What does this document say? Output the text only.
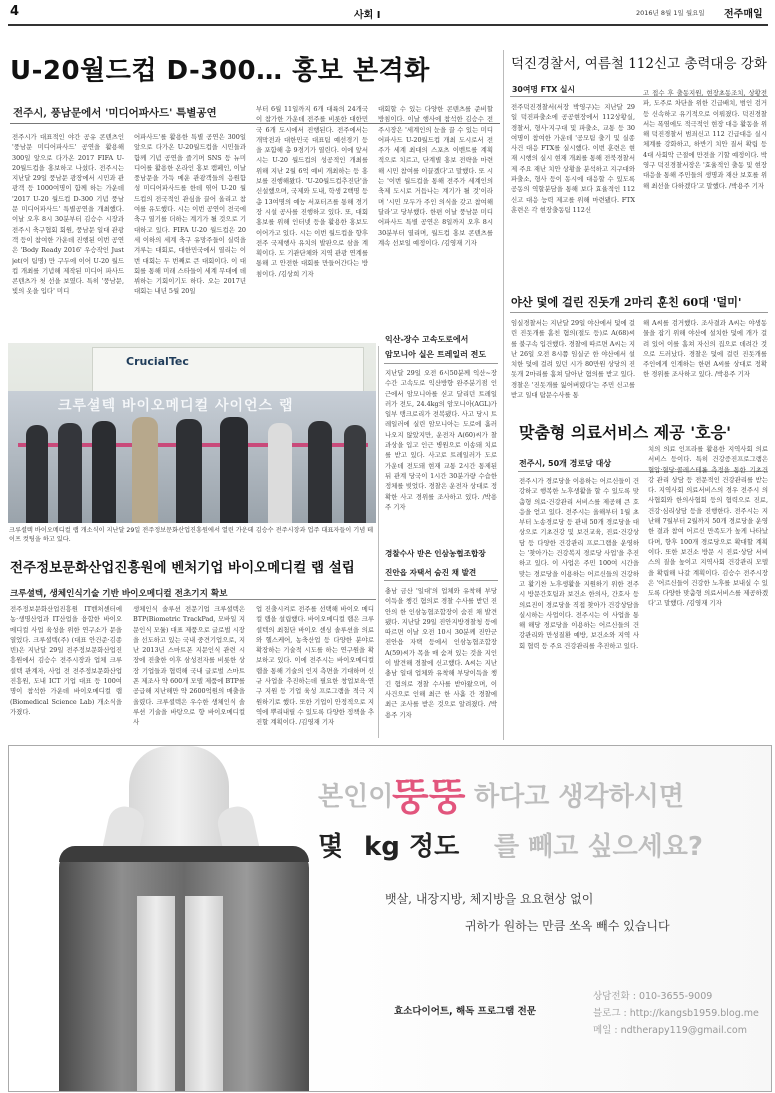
4	사회 Ⅰ	2016년 8월 1일 월요일 전주매일
U-20월드컵 D-300… 홍보 본격화
전주시, 풍남문에서 '미디어파사드' 특별공연
전주시가 대표적인 야간 공유 콘텐츠인 '풍남문 미디어파사드' 공연을 활용해 300일 앞으로 다가온 2017 FIFA U-20월드컵을 홍보하고 나섰다. 전주시는 지난달 29일 풍남문 광장에서 시민과 관광객 등 1000여명이 함께 하는 가운데 '2017 U-20 월드컵 D-300 기념 풍남문 미디어파사드' 특별공연을 개최했다. 이날 오후 8시 30분부터 김승수 시장과 전주시 축구협회 회원, 풍남문 일대 관광객 등이 참여한 가운데 진행된 이번 공연은 'Body Ready 2016' 우승작인 Just jet(이 팀명) 만 구두에 이어 U-20 월드컵 개최를 기념해 제작된 미디어 파사드 콘텐츠가 첫 선을 보였다. 특히 '풍남문, 빛의 옷을 입다' 미디
어파사드'를 활용한 특별 공연은 300일 앞으로 다가온 U-20월드컵을 시민들과 함께 기념 공연을 즐기며 SNS 등 뉴미디어를 활용한 온라인 홍보 캠페인, 이날 풍남문을 가득 메운 관광객들의 응원함성 미디어파사드를 한데 엮어 U-20 월드컵의 전국적인 관심을 끌어 올리고 참여를 유도했다. 시는 이번 공연이 전국에 축구 열기를 더하는 계기가 될 것으로 기대하고 있다. FIFA U-20 월드컵은 20세 이하의 세계 축구 유망주들이 실력을 겨루는 대회로, 대한민국에서 열리는 이번 대회는 두 번째로 큰 대회이다. 이 대회를 통해 미래 스타들이 세계 무대에 데뷔하는 기회이기도 하다. 오는 2017년 대회는 내년 5월 20일
부터 6월 11일까지 6개 대륙의 24개국이 참가한 가운데 전주를 비롯한 대한민국 6개 도시에서 진행된다. 전주에서는 개막전과 대한민국 대표팀 예선경기 등을 포함해 총 9경기가 열린다. 이에 앞서 시는 U-20 월드컵의 성공적인 개최를 위해 지난 2월 6억 예비 개최하는 등 홍보를 진행해왔다. 'U-20월드컵추진단'을 신설했으며, 국제와 도내, 학생 2백명 등 총 13여명의 예능 서포터즈를 통해 경기장 시설 공사를 진행하고 있다. 또, 대회 홍보를 위해 인터넷 등을 활용한 홍보도 이어가고 있다. 시는 이번 월드컵을 향후 전주 국제행사 유치의 발판으로 삼을 계획이다. 도 기관단체와 지역 관광 연계를 통해 고 안전한 대회를 만들어간다는 방침이다. /김상희 기자
대회할 수 있는 다양한 콘텐츠를 준비할 방침이다. 이날 행사에 참석한 김승수 전주시장은 '세계인의 눈을 끌 수 있는 미디어파사드 U-20월드컵 개최 도시로서 전주가 세계 최대의 스포츠 이벤트를 계획적으로 치르고, 단계별 홍보 전략을 마련해 시민 참여를 이끌겠다'고 말했다. 또 시는 '이번 월드컵을 통해 전주가 세계인의 축제 도시로 거듭나는 계기가 될 것'이라며 '시민 모두가 주인 의식을 갖고 참여해 달라'고 당부했다. 한편 이날 풍남문 미디어파사드 특별 공연은 8일까지 오후 8시 30분부터 열리며, 월드컵 홍보 콘텐츠를 계속 선보일 예정이다. /김영재 기자
CrucialTec
크루셜텍 바이오메디컬 사이언스 랩
크루셜텍 바이오메디컬 랩 개소식이 지난달 29일 전주정보문화산업진흥원에서 열린 가운데 김승수 전주시장과 업주 대표자들이 기념 테이프 컷팅을 하고 있다.
전주정보문화산업진흥원에 벤처기업 바이오메디컬 랩 설립
크루셜텍, 생체인식기술 기반 바이오메디컬 전초기지 확보
전주정보문화산업진흥원 IT벤처센터에 농·생명산업과 IT산업을 융합한 바이오 메디컬 사업 육성을 위한 연구소가 문을 열었다. 크루셜텍(주) (대표 안건준·김종빈)은 지난달 29일 전주정보문화산업진흥원에서 김승수 전주시장과 업체 크루셜텍 관계자, 사업 전 전주정보문화산업진흥원, 도내 ICT 기업 대표 등 100여명이 참석한 가운데 바이오메디컬 랩 (Biomedical Science Lab) 개소식을 가졌다.
생체인식 솔루션 전문기업 크루셜텍은 BTP(Biometric TrackPad, 모바일 지문인식 모듈) 대표 제품으로 글로벌 시장을 선도하고 있는 국내 중견기업으로, 지난 2013년 스마트폰 지문인식 관련 시장에 진출한 이후 삼성전자를 비롯한 상장 기업들과 협력해 국내 글로벌 스마트폰 제조사 약 600개 모델 제품에 BTP를 공급해 지난해만 약 2600억원의 매출을 올렸다. 크루셜텍은 우수한 생체인식 솔루션 기술을 바탕으로 향 바이오메디컬 사
업 진출시켜로 전주를 선택해 바이오 메디컬 랩을 설립했다. 바이오메디컬 랩은 크루셜텍의 최첨단 바이오 센싱 솔루션을 의료와 헬스케어, 농축산업 등 다양한 분야로 확장하는 기술적 시도를 하는 연구원을 확보하고 있다. 이에 전주시는 바이오메디컬 랩을 통해 기술의 인지 측면을 기대하며 신규 사업을 추진하는데 필요한 창업보육·연구 지원 등 기업 육성 프로그램을 적극 지원하기로 했다. 또한 기업이 안정적으로 지역에 뿌리내릴 수 있도록 다양한 정책을 추진할 계획이다. /김영재 기자
익산-장수 고속도로에서
암모니아 실은 트레일러 전도
지난달 29일 오전 6시50분께 익산~장수간 고속도로 익산방향 완주분기점 인근에서 암모니아를 싣고 달리던 트레일러가 전도, 24.4kg의 암모니아(AGL)가 일부 탱크로리가 전복됐다. 사고 당시 트레일러에 실린 암모니아는 도로에 흘러나오지 않았지만, 운전자 A(60)씨가 찰과상을 입고 인근 병원으로 이송돼 치료를 받고 있다. 사고로 트레일러가 도로 가운데 전도돼 현재 교통 2시간 통제된 뒤 관계 당국이 1시간 30분가량 수습한 정체를 빚었다. 경찰은 운전자 상대로 정확한 사고 경위를 조사하고 있다. /박용주 기자
경찰수사 받은 인삼농협조합장
진안읍 자택서 숨진 채 발견
충남 금산 '일대'의 업체와 유착해 부당이득을 챙긴 혐의로 경찰 수사를 받던 진안의 한 인삼농협조합장이 숨진 채 발견됐다. 지난달 29일 진안지방경찰청 등에 따르면 이날 오전 10시 30분께 진안군 진안읍 자택 등에서 인삼농협조합장 A(59)씨가 목을 매 숨져 있는 것을 지인이 발견해 경찰에 신고했다. A씨는 지난 충남 일대 업체와 유착해 부당이득을 챙긴 혐의로 경찰 수사를 받아왔으며, 이 사건으로 인해 최근 한 사흘 간 경찰에 최근 조사를 받은 것으로 알려졌다. /박용주 기자
덕진경찰서, 여름철 112신고 총력대응 강화
30여명 FTX 실시
전주덕진경찰서(서장 박영구)는 지난달 29일 덕진파출소에 공공현장에서 112상황실, 경찰서, 형사·지구대 및 파출소, 교통 등 30여명이 참여한 가운데 '공모팀 출기 및 실종 사건 대응 FTX를 실시했다. 이번 훈련은 현재 시행의 실시 현재 개최를 통해 전북경찰서 제 주요 재난 치안 상황을 분석하고 지구대와 파출소, 형사 등이 동시에 대응할 수 있도록 공동의 역할분담을 통해 보다 효율적인 112 신고 대응 능력 제고를 위해 마련됐다. FTX 훈련은 각 현장출동팀 112신
고 접수 후 출동지원, 현장초동조치, 상황전파, 도주로 차단을 위한 긴급배치, 범인 검거 등 신속하고 유기적으로 이뤄졌다. 덕진경찰서는 폭염에도 적극적인 현장 대응 활동을 위해 덕진경찰서 범죄신고 112 긴급대응 실시체계를 강화하고, 하반기 치안 질서 확립 등 4대 사회악 근절에 만전을 기할 예정이다. 박영구 덕진경찰서장은 '효율적인 출동 및 현장대응을 통해 주민들의 생명과 재산 보호를 위해 최선을 다하겠다'고 말했다. /박용주 기자
야산 덫에 걸린 진돗개 2마리 훈친 60대 '덜미'
임실경찰서는 지난달 29일 야산에서 덫에 걸린 진돗개를 훔친 혐의(절도 등)로 A(68)씨를 불구속 입건했다. 경찰에 따르면 A씨는 지난 26일 오전 8시쯤 임실군 한 야산에서 설치한 덫에 걸려 있던 시가 80만원 상당의 진돗개 2마리를 훔쳐 달아난 혐의를 받고 있다. 경찰은 '진돗개를 잃어버렸다'는 주민 신고를 받고 일대 탐문수사를 통
해 A씨를 검거했다. 조사결과 A씨는 야생동물을 잡기 위해 야산에 설치한 덫에 개가 걸려 있어 이를 훔쳐 자신의 집으로 데려간 것으로 드러났다. 경찰은 덫에 걸린 진돗개를 주인에게 인계하는 한편 A씨를 상대로 정확한 경위를 조사하고 있다. /박용주 기자
맞춤형 의료서비스 제공 '호응'
전주시, 50개 경로당 대상
전주시가 경로당을 이용하는 어르신들이 건강하고 행복한 노후생활을 할 수 있도록 맞춤형 의료·건강관리 서비스를 제공해 큰 호응을 얻고 있다. 전주시는 올해부터 1월 초부터 노송경로당 등 관내 50개 경로당을 대상으로 기초건강 및 보건교육, 진료·건강상담 등 다양한 건강관리 프로그램을 운영하는 '찾아가는 건강복지 경로당 사업'을 추진하고 있다. 이 사업은 주민 100여 시간을 맞는 경로당을 이용하는 어르신들의 건강하고 활기찬 노후생활을 지원하기 위한 전주시 방문간호팀과 보건소 한의사, 간호사 등 의료진이 경로당을 직접 찾아가 건강상담을 실시하는 사업이다. 전주시는 이 사업을 통해 해당 경로당을 이용하는 어르신들의 건강관리와 만성질환 예방, 보건소와 지역 사회 협력 등 주요 건강관리를 추진하고 있다.
치의 의료 인프라를 활용한 지역사회 의료서비스 등이다. 특히 건강증진프로그램은 혈압·혈당·콜레스테롤 측정을 통한 기초건강 관리 상담 등 전문적인 건강관리를 받는다. 지역사회 의료서비스의 경우 전주시 의사협회와 한의사협회 등의 협력으로 진료, 건강·심리상담 등을 진행한다. 전주시는 지난해 7월부터 2월까지 50개 경로당을 운영한 결과 참여 어르신 만족도가 높게 나타났다며, 향후 100개 경로당으로 확대할 계획이다. 또한 보건소 방문 시 진료·상담 서비스의 질을 높이고 지역사회 건강관리 모델을 확립해 나갈 계획이다. 김승수 전주시장은 '어르신들이 건강한 노후를 보내실 수 있도록 다양한 맞춤형 의료서비스를 제공하겠다'고 말했다. /김영재 기자
본인이
뚱뚱 하다고 생각하시면
몇 kg 정도 를 빼고 싶으세요?
뱃살, 내장지방, 체지방을 요요현상 없이
귀하가 원하는 만큼 쏘옥 빼수 있습니다
효소다이어트, 해독 프로그램 전문
상담전화 : 010-3655-9009
블로그 : http://kangsb1959.blog.me
메일 : ndtherapy119@gmail.com
